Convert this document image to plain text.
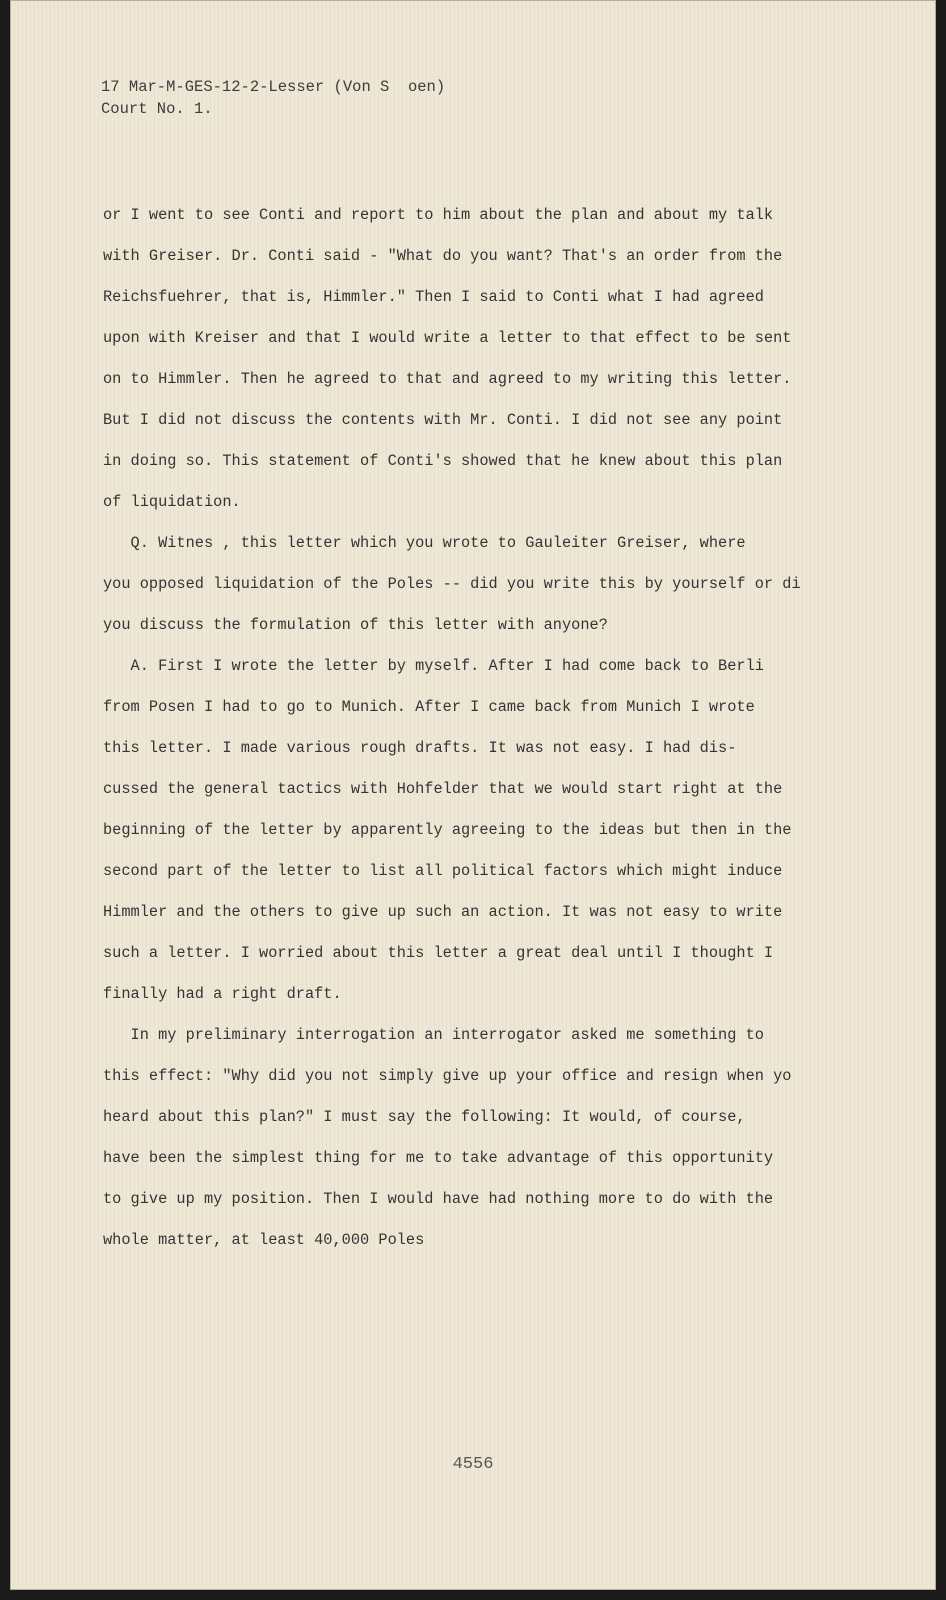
17 Mar-M-GES-12-2-Lesser (Von S  oen)
Court No. 1.
or I went to see Conti and report to him about the plan and about my talk
with Greiser. Dr. Conti said - "What do you want? That's an order from the
Reichsfuehrer, that is, Himmler." Then I said to Conti what I had agreed
upon with Kreiser and that I would write a letter to that effect to be sent
on to Himmler. Then he agreed to that and agreed to my writing this letter.
But I did not discuss the contents with Mr. Conti. I did not see any point
in doing so. This statement of Conti's showed that he knew about this plan
of liquidation.
Q. Witnes , this letter which you wrote to Gauleiter Greiser, where
you opposed liquidation of the Poles -- did you write this by yourself or di
you discuss the formulation of this letter with anyone?
A. First I wrote the letter by myself. After I had come back to Berli
from Posen I had to go to Munich. After I came back from Munich I wrote
this letter. I made various rough drafts. It was not easy. I had dis-
cussed the general tactics with Hohfelder that we would start right at the
beginning of the letter by apparently agreeing to the ideas but then in the
second part of the letter to list all political factors which might induce
Himmler and the others to give up such an action. It was not easy to write
such a letter. I worried about this letter a great deal until I thought I
finally had a right draft.
In my preliminary interrogation an interrogator asked me something to
this effect: "Why did you not simply give up your office and resign when yo
heard about this plan?" I must say the following: It would, of course,
have been the simplest thing for me to take advantage of this opportunity
to give up my position. Then I would have had nothing more to do with the
whole matter, at least 40,000 Poles
4556
